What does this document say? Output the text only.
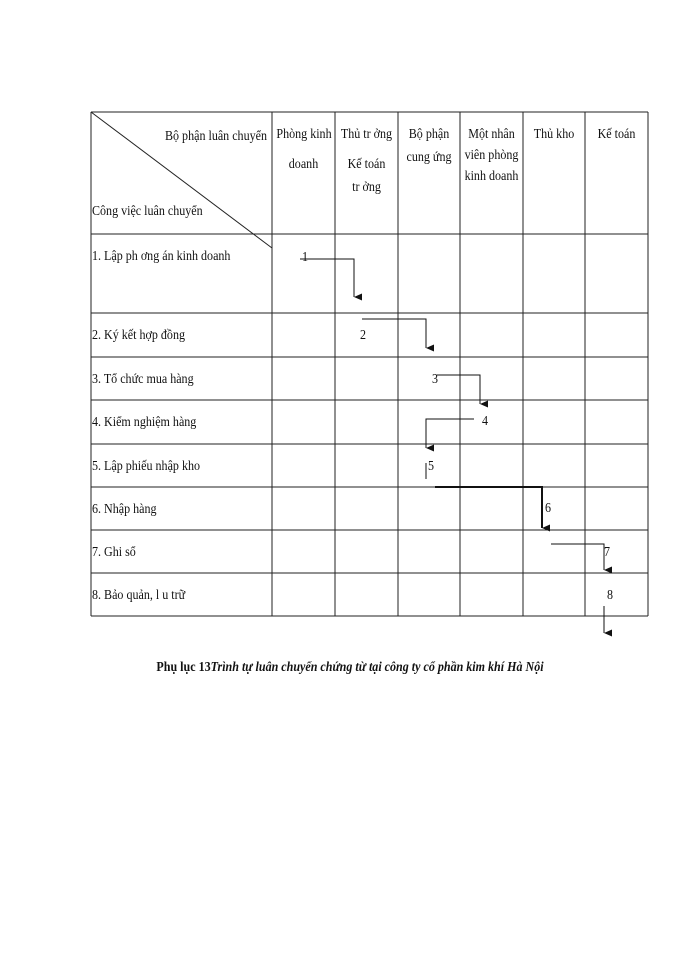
Bộ phận luân chuyển
Công việc luân chuyển
Phòng kinh
doanh
Thủ tr ởng
Kế toán
tr ởng
Bộ phận
cung ứng
Một nhân
viên phòng
kinh doanh
Thủ kho	Kế toán
1. Lập ph ơng án kinh doanh
2. Ký kết hợp đồng
3. Tổ chức mua hàng
4. Kiểm nghiệm hàng
5. Lập phiếu nhập kho
6. Nhập hàng
7. Ghi sổ
8. Bảo quản, l u trữ
1
2
3
4
5
6
7
8
Phụ lục 13Trình tự luân chuyển chứng từ tại công ty cổ phần kim khí Hà Nội
